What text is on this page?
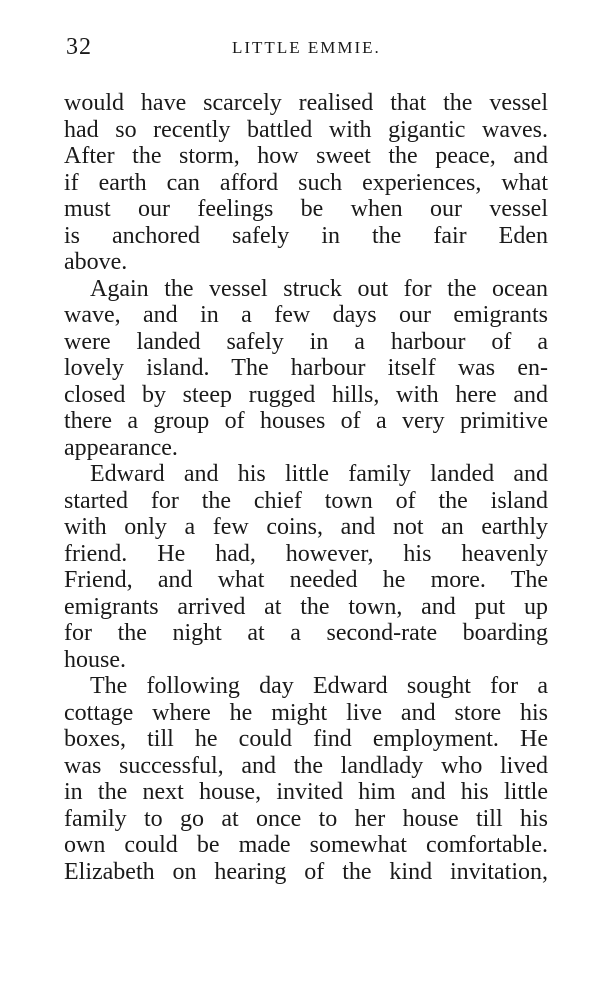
32	LITTLE EMMIE.
would have scarcely realised that the vessel
had so recently battled with gigantic waves.
After the storm, how sweet the peace, and
if earth can afford such experiences, what
must our feelings be when our vessel
is anchored safely in the fair Eden
above.
Again the vessel struck out for the ocean
wave, and in a few days our emigrants
were landed safely in a harbour of a
lovely island. The harbour itself was en-
closed by steep rugged hills, with here and
there a group of houses of a very primitive
appearance.
Edward and his little family landed and
started for the chief town of the island
with only a few coins, and not an earthly
friend. He had, however, his heavenly
Friend, and what needed he more. The
emigrants arrived at the town, and put up
for the night at a second-rate boarding
house.
The following day Edward sought for a
cottage where he might live and store his
boxes, till he could find employment. He
was successful, and the landlady who lived
in the next house, invited him and his little
family to go at once to her house till his
own could be made somewhat comfortable.
Elizabeth on hearing of the kind invitation,
